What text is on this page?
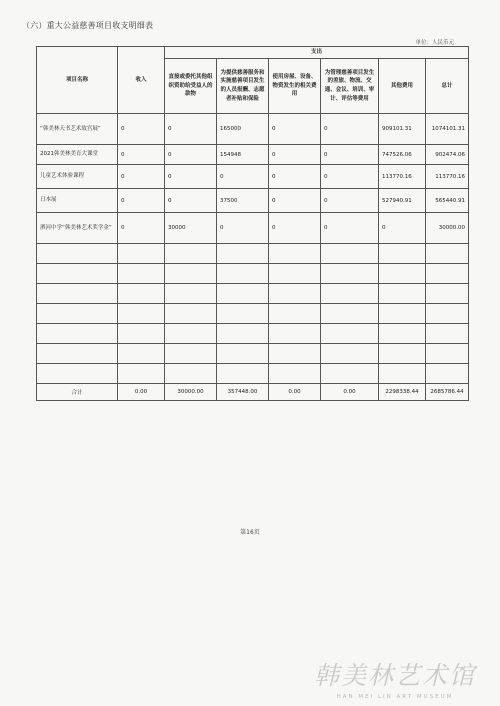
（六）重大公益慈善项目收支明细表
单位：人民币元
项目名称	收入	支出					
		直接或委托其他组织资助给受益人的款物	为提供慈善服务和实施慈善项目发生的人员报酬、志愿者补贴和保险	使用房屋、设备、物资发生的相关费用	为管理慈善项目发生的差旅、物流、交通、会议、培训、审计、评估等费用	其他费用	总计
“韩美林天书艺术故宫展”	0	0	165000	0	0	909101.31	1074101.31
2021韩美林美育大课堂	0	0	154948	0	0	747526.06	902474.06
儿童艺术体验课程	0	0	0	0	0	113770.16	113770.16
日本展	0	0	37500	0	0	527940.91	565440.91
泗河中学“韩美林艺术奖学金”	0	30000	0	0	0	0	30000.00

合计	0.00	30000.00	357448.00	0.00	0.00	2298338.44	2685786.44
第16页
韩美林艺术馆
HAN MEI LIN ART MUSEUM
